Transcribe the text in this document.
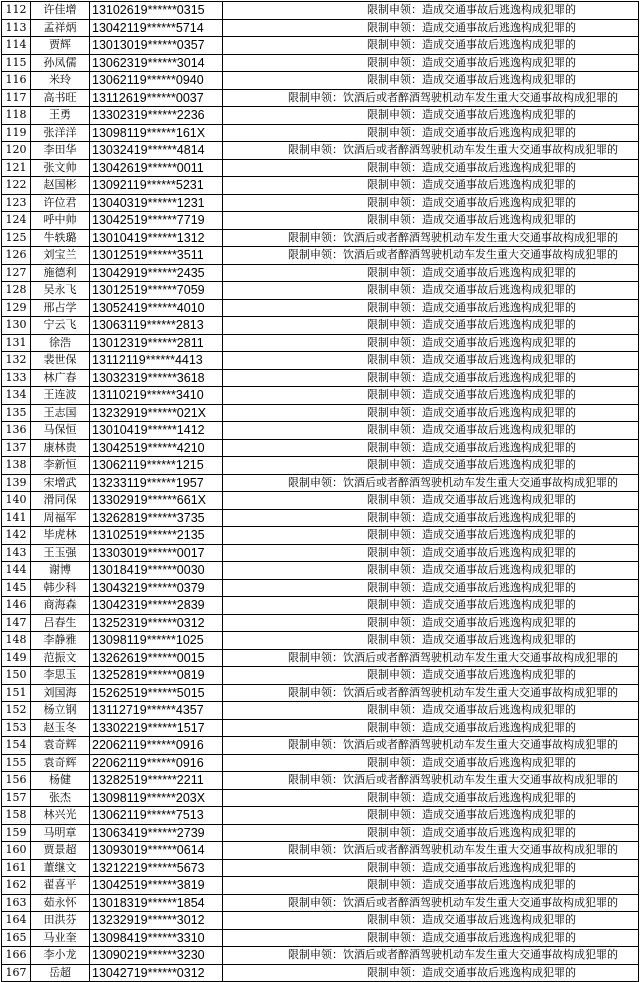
112	许佳增	13102619******0315	限制申领：造成交通事故后逃逸构成犯罪的
113	孟祥炳	13042119******5714	限制申领：造成交通事故后逃逸构成犯罪的
114	贾辉	13013019******0357	限制申领：造成交通事故后逃逸构成犯罪的
115	孙凤儒	13062319******3014	限制申领：造成交通事故后逃逸构成犯罪的
116	米玲	13062119******0940	限制申领：造成交通事故后逃逸构成犯罪的
117	高书旺	13112619******0037	限制申领：饮酒后或者醉酒驾驶机动车发生重大交通事故构成犯罪的
118	王勇	13302319******2236	限制申领：造成交通事故后逃逸构成犯罪的
119	张洋洋	13098119******161X	限制申领：造成交通事故后逃逸构成犯罪的
120	李田华	13032419******4814	限制申领：饮酒后或者醉酒驾驶机动车发生重大交通事故构成犯罪的
121	张文帅	13042619******0011	限制申领：造成交通事故后逃逸构成犯罪的
122	赵国彬	13092119******5231	限制申领：造成交通事故后逃逸构成犯罪的
123	许位君	13040319******1231	限制申领：造成交通事故后逃逸构成犯罪的
124	呼中帅	13042519******7719	限制申领：造成交通事故后逃逸构成犯罪的
125	牛轶璐	13010419******1312	限制申领：饮酒后或者醉酒驾驶机动车发生重大交通事故构成犯罪的
126	刘宝兰	13012519******3511	限制申领：饮酒后或者醉酒驾驶机动车发生重大交通事故构成犯罪的
127	施德利	13042919******2435	限制申领：造成交通事故后逃逸构成犯罪的
128	吴永飞	13012519******7059	限制申领：造成交通事故后逃逸构成犯罪的
129	邢占学	13052419******4010	限制申领：造成交通事故后逃逸构成犯罪的
130	宁云飞	13063119******2813	限制申领：造成交通事故后逃逸构成犯罪的
131	徐浩	13012319******2811	限制申领：造成交通事故后逃逸构成犯罪的
132	裴世保	13112119******4413	限制申领：造成交通事故后逃逸构成犯罪的
133	林广春	13032319******3618	限制申领：造成交通事故后逃逸构成犯罪的
134	王连波	13110219******3410	限制申领：造成交通事故后逃逸构成犯罪的
135	王志国	13232919******021X	限制申领：造成交通事故后逃逸构成犯罪的
136	马保恒	13010419******1412	限制申领：造成交通事故后逃逸构成犯罪的
137	康林贵	13042519******4210	限制申领：造成交通事故后逃逸构成犯罪的
138	李新恒	13062119******1215	限制申领：造成交通事故后逃逸构成犯罪的
139	宋增武	13233119******1957	限制申领：饮酒后或者醉酒驾驶机动车发生重大交通事故构成犯罪的
140	滑同保	13302919******661X	限制申领：造成交通事故后逃逸构成犯罪的
141	周福军	13262819******3735	限制申领：造成交通事故后逃逸构成犯罪的
142	毕虎林	13102519******2135	限制申领：造成交通事故后逃逸构成犯罪的
143	王玉强	13303019******0017	限制申领：造成交通事故后逃逸构成犯罪的
144	谢博	13018419******0030	限制申领：造成交通事故后逃逸构成犯罪的
145	韩少科	13043219******0379	限制申领：造成交通事故后逃逸构成犯罪的
146	商海森	13042319******2839	限制申领：造成交通事故后逃逸构成犯罪的
147	吕春生	13252319******0312	限制申领：造成交通事故后逃逸构成犯罪的
148	李静雅	13098119******1025	限制申领：造成交通事故后逃逸构成犯罪的
149	范振文	13262619******0015	限制申领：饮酒后或者醉酒驾驶机动车发生重大交通事故构成犯罪的
150	李思玉	13252819******0819	限制申领：造成交通事故后逃逸构成犯罪的
151	刘国海	15262519******5015	限制申领：饮酒后或者醉酒驾驶机动车发生重大交通事故构成犯罪的
152	杨立钢	13112719******4357	限制申领：造成交通事故后逃逸构成犯罪的
153	赵玉冬	13302219******1517	限制申领：造成交通事故后逃逸构成犯罪的
154	袁奇辉	22062119******0916	限制申领：饮酒后或者醉酒驾驶机动车发生重大交通事故构成犯罪的
155	袁奇辉	22062119******0916	限制申领：造成交通事故后逃逸构成犯罪的
156	杨健	13282519******2211	限制申领：饮酒后或者醉酒驾驶机动车发生重大交通事故构成犯罪的
157	张杰	13098119******203X	限制申领：造成交通事故后逃逸构成犯罪的
158	林兴光	13062119******7513	限制申领：造成交通事故后逃逸构成犯罪的
159	马明章	13063419******2739	限制申领：造成交通事故后逃逸构成犯罪的
160	贾景超	13093019******0614	限制申领：饮酒后或者醉酒驾驶机动车发生重大交通事故构成犯罪的
161	董继文	13212219******5673	限制申领：造成交通事故后逃逸构成犯罪的
162	翟喜平	13042519******3819	限制申领：造成交通事故后逃逸构成犯罪的
163	茹永怀	13018319******1854	限制申领：饮酒后或者醉酒驾驶机动车发生重大交通事故构成犯罪的
164	田洪芬	13232919******3012	限制申领：造成交通事故后逃逸构成犯罪的
165	马业奎	13098419******3310	限制申领：造成交通事故后逃逸构成犯罪的
166	李小龙	13090219******3230	限制申领：饮酒后或者醉酒驾驶机动车发生重大交通事故构成犯罪的
167	岳超	13042719******0312	限制申领：造成交通事故后逃逸构成犯罪的
